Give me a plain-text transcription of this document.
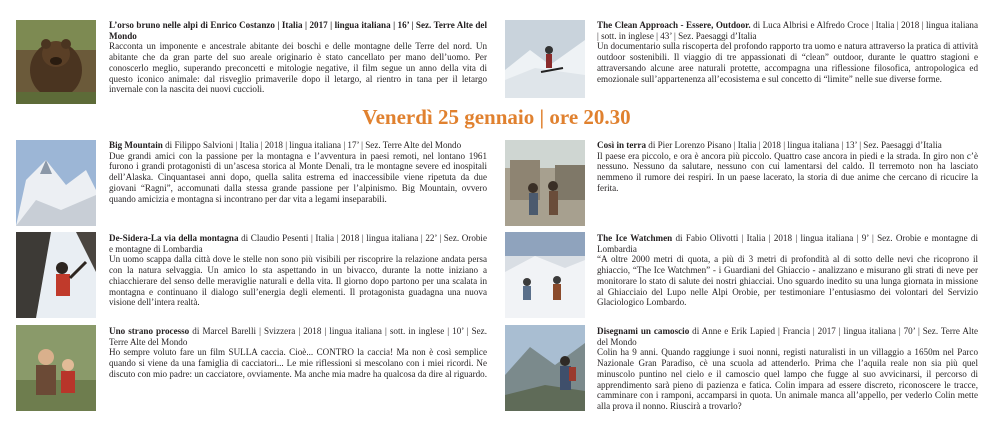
L’orso bruno nelle alpi di Enrico Costanzo | Italia | 2017 | lingua italiana | 16’ | Sez. Terre Alte del Mondo
Racconta un imponente e ancestrale abitante dei boschi e delle montagne delle Terre del nord. Un abitante che da gran parte del suo areale originario è stato cancellato per mano dell’uomo. Per conoscerlo meglio, superando preconcetti e mitologie negative, il film segue un anno della vita di questo iconico animale: dal risveglio primaverile dopo il letargo, al rientro in tana per il letargo invernale con la nascita dei nuovi cuccioli.
The Clean Approach - Essere, Outdoor. di Luca Albrisi e Alfredo Croce | Italia | 2018 | lingua italiana | sott. in inglese | 43’ | Sez. Paesaggi d’Italia
Un documentario sulla riscoperta del profondo rapporto tra uomo e natura attraverso la pratica di attività outdoor sostenibili. Il viaggio di tre appassionati di “clean” outdoor, durante le quattro stagioni e attraversando alcune aree naturali protette, accompagna una riflessione filosofica, antropologica ed emozionale sull’appartenenza all’ecosistema e sul concetto di “limite” nelle sue diverse forme.
Venerdì 25 gennaio | ore 20.30
Big Mountain di Filippo Salvioni | Italia | 2018 | lingua italiana | 17’ | Sez. Terre Alte del Mondo
Due grandi amici con la passione per la montagna e l’avventura in paesi remoti, nel lontano 1961 furono i grandi protagonisti di un’ascesa storica al Monte Denali, tra le montagne severe ed inospitali dell’Alaska. Cinquantasei anni dopo, quella salita estrema ed inaccessibile viene ripetuta da due giovani “Ragni”, accomunati dalla stessa grande passione per l’alpinismo. Big Mountain, ovvero quando amicizia e montagna si incontrano per dar vita a legami inseparabili.
Così in terra di Pier Lorenzo Pisano | Italia | 2018 | lingua italiana | 13’ | Sez. Paesaggi d’Italia
Il paese era piccolo, e ora è ancora più piccolo. Quattro case ancora in piedi e la strada. In giro non c’è nessuno. Nessuno da salutare, nessuno con cui lamentarsi del caldo. Il terremoto non ha lasciato nemmeno il rumore dei respiri. In un paese lacerato, la storia di due anime che cercano di ricucire la ferita.
De-Sidera-La via della montagna di Claudio Pesenti | Italia | 2018 | lingua italiana | 22’ | Sez. Orobie e montagne di Lombardia
Un uomo scappa dalla città dove le stelle non sono più visibili per riscoprire la relazione andata persa con la natura selvaggia. Un amico lo sta aspettando in un bivacco, durante la notte iniziano a chiacchierare del senso delle meraviglie naturali e della vita. Il giorno dopo partono per una scalata in montagna e continuano il dialogo sull’energia degli elementi. Il protagonista guadagna una nuova visione dell’intera realtà.
The Ice Watchmen di Fabio Olivotti | Italia | 2018 | lingua italiana | 9’ | Sez. Orobie e montagne di Lombardia
“A oltre 2000 metri di quota, a più di 3 metri di profondità al di sotto delle nevi che ricoprono il ghiaccio, “The Ice Watchmen” - i Guardiani del Ghiaccio - analizzano e misurano gli strati di neve per monitorare lo stato di salute dei nostri ghiacciai. Uno sguardo inedito su una lunga giornata in missione al Ghiacciaio del Lupo nelle Alpi Orobie, per testimoniare l’entusiasmo dei volontari del Servizio Glaciologico Lombardo.
Uno strano processo di Marcel Barelli | Svizzera | 2018 | lingua italiana | sott. in inglese | 10’ | Sez. Terre Alte del Mondo
Ho sempre voluto fare un film SULLA caccia. Cioè... CONTRO la caccia! Ma non è così semplice quando si viene da una famiglia di cacciatori... Le mie riflessioni si mescolano con i miei ricordi. Ne discuto con mio padre: un cacciatore, ovviamente. Ma anche mia madre ha qualcosa da dire al riguardo.
Disegnami un camoscio di Anne e Erik Lapied | Francia | 2017 | lingua italiana | 70’ | Sez. Terre Alte del Mondo
Colin ha 9 anni. Quando raggiunge i suoi nonni, registi naturalisti in un villaggio a 1650m nel Parco Nazionale Gran Paradiso, cè una scuola ad attenderlo. Prima che l’aquila reale non sia più quel minuscolo puntino nel cielo e il camoscio quel lampo che fugge al suo avvicinarsi, il percorso di apprendimento sarà pieno di pazienza e fatica. Colin impara ad essere discreto, riconoscere le tracce, camminare con i ramponi, accamparsi in quota. Un animale manca all’appello, per vederlo Colin mette alla prova il nonno. Riuscirà a trovarlo?
